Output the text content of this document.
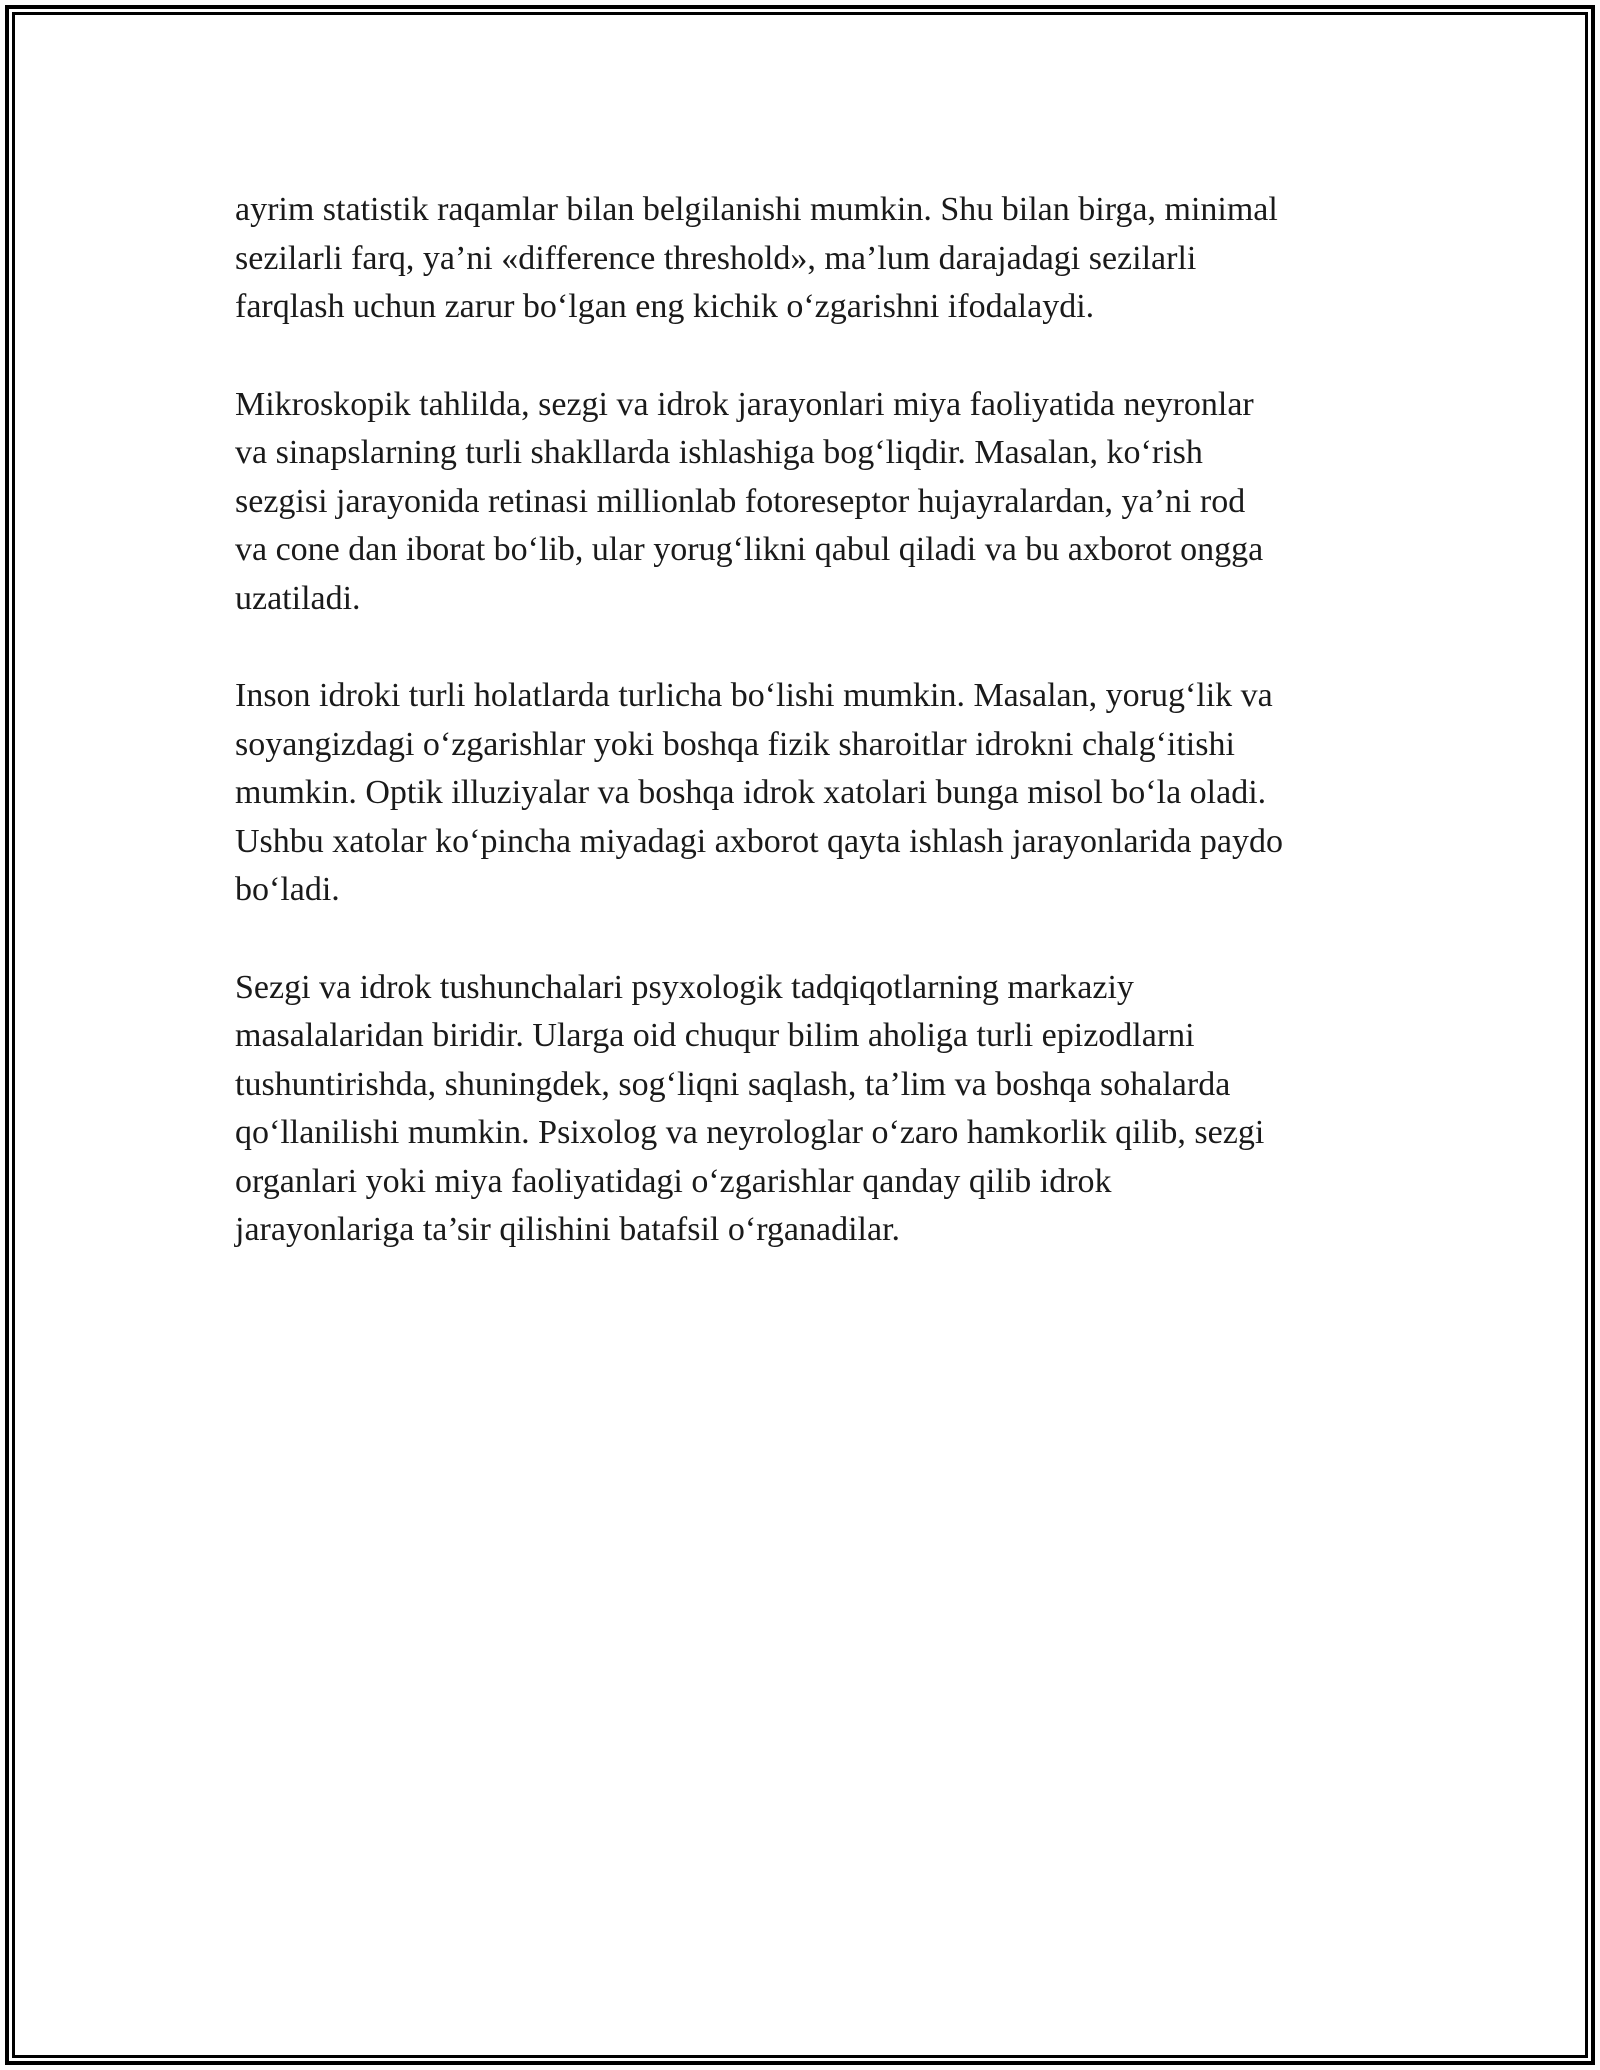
ayrim statistik raqamlar bilan belgilanishi mumkin. Shu bilan birga, minimal
sezilarli farq, ya’ni «difference threshold», ma’lum darajadagi sezilarli
farqlash uchun zarur bo‘lgan eng kichik o‘zgarishni ifodalaydi.

Mikroskopik tahlilda, sezgi va idrok jarayonlari miya faoliyatida neyronlar
va sinapslarning turli shakllarda ishlashiga bog‘liqdir. Masalan, ko‘rish
sezgisi jarayonida retinasi millionlab fotoreseptor hujayralardan, ya’ni rod
va cone dan iborat bo‘lib, ular yorug‘likni qabul qiladi va bu axborot ongga
uzatiladi.

Inson idroki turli holatlarda turlicha bo‘lishi mumkin. Masalan, yorug‘lik va
soyangizdagi o‘zgarishlar yoki boshqa fizik sharoitlar idrokni chalg‘itishi
mumkin. Optik illuziyalar va boshqa idrok xatolari bunga misol bo‘la oladi.
Ushbu xatolar ko‘pincha miyadagi axborot qayta ishlash jarayonlarida paydo
bo‘ladi.

Sezgi va idrok tushunchalari psyxologik tadqiqotlarning markaziy
masalalaridan biridir. Ularga oid chuqur bilim aholiga turli epizodlarni
tushuntirishda, shuningdek, sog‘liqni saqlash, ta’lim va boshqa sohalarda
qo‘llanilishi mumkin. Psixolog va neyrologlar o‘zaro hamkorlik qilib, sezgi
organlari yoki miya faoliyatidagi o‘zgarishlar qanday qilib idrok
jarayonlariga ta’sir qilishini batafsil o‘rganadilar.
